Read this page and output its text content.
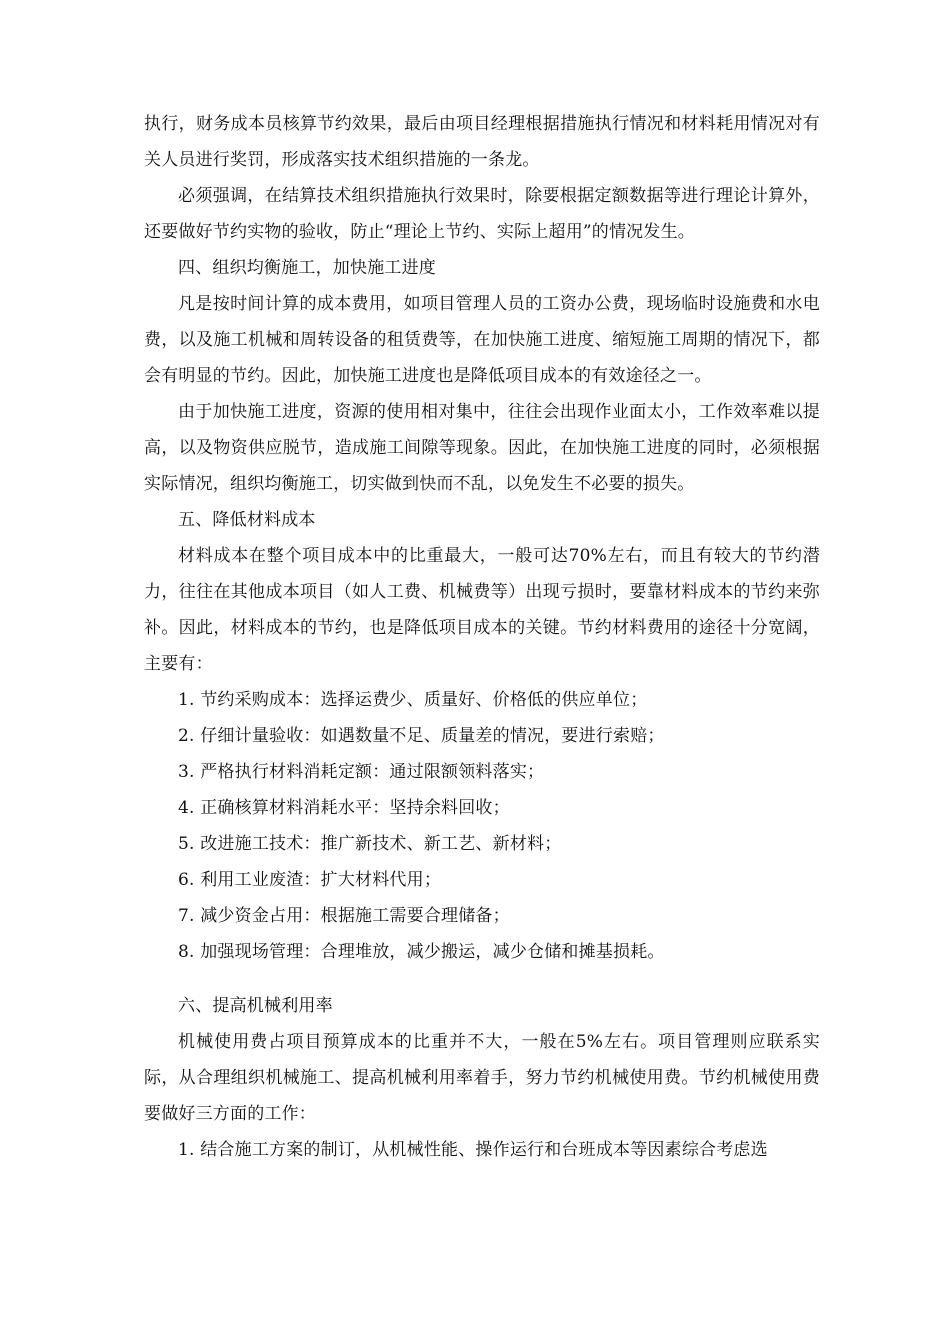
执行，财务成本员核算节约效果，最后由项目经理根据措施执行情况和材料耗用情况对有关人员进行奖罚，形成落实技术组织措施的一条龙。

必须强调，在结算技术组织措施执行效果时，除要根据定额数据等进行理论计算外，还要做好节约实物的验收，防止“理论上节约、实际上超用”的情况发生。

四、组织均衡施工，加快施工进度

凡是按时间计算的成本费用，如项目管理人员的工资办公费，现场临时设施费和水电费，以及施工机械和周转设备的租赁费等，在加快施工进度、缩短施工周期的情况下，都会有明显的节约。因此，加快施工进度也是降低项目成本的有效途径之一。

由于加快施工进度，资源的使用相对集中，往往会出现作业面太小，工作效率难以提高，以及物资供应脱节，造成施工间隙等现象。因此，在加快施工进度的同时，必须根据实际情况，组织均衡施工，切实做到快而不乱，以免发生不必要的损失。

五、降低材料成本

材料成本在整个项目成本中的比重最大，一般可达70%左右，而且有较大的节约潜力，往往在其他成本项目（如人工费、机械费等）出现亏损时，要靠材料成本的节约来弥补。因此，材料成本的节约，也是降低项目成本的关键。节约材料费用的途径十分宽阔，主要有：

1. 节约采购成本：选择运费少、质量好、价格低的供应单位；

2. 仔细计量验收：如遇数量不足、质量差的情况，要进行索赔；

3. 严格执行材料消耗定额：通过限额领料落实；

4. 正确核算材料消耗水平：坚持余料回收；

5. 改进施工技术：推广新技术、新工艺、新材料；

6. 利用工业废渣：扩大材料代用；

7. 减少资金占用：根据施工需要合理储备；

8. 加强现场管理：合理堆放，减少搬运，减少仓储和摊基损耗。

六、提高机械利用率

机械使用费占项目预算成本的比重并不大，一般在5%左右。项目管理则应联系实际，从合理组织机械施工、提高机械利用率着手，努力节约机械使用费。节约机械使用费要做好三方面的工作：

1. 结合施工方案的制订，从机械性能、操作运行和台班成本等因素综合考虑选
